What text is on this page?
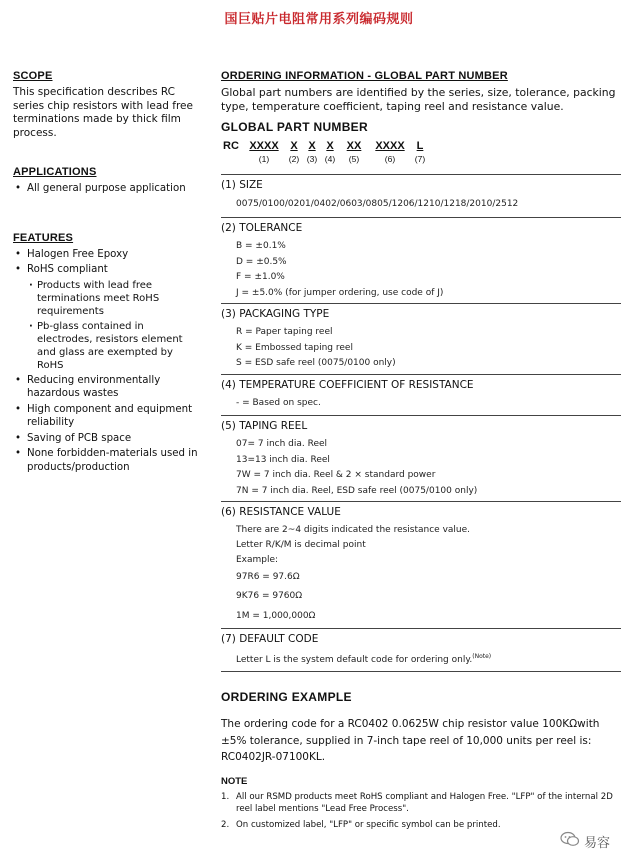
国巨贴片电阻常用系列编码规则
SCOPE

This specification describes RC series chip resistors with lead free terminations made by thick film process.

APPLICATIONS
• All general purpose application
FEATURES
• Halogen Free Epoxy
• RoHS compliant
· Products with lead free terminations meet RoHS requirements
· Pb-glass contained in electrodes, resistors element and glass are exempted by RoHS
• Reducing environmentally hazardous wastes
• High component and equipment reliability
• Saving of PCB space
• None forbidden-materials used in products/production
ORDERING INFORMATION - GLOBAL PART NUMBER

Global part numbers are identified by the series, size, tolerance, packing type, temperature coefficient, taping reel and resistance value.

GLOBAL PART NUMBER
RC XXXX
(1)
X
(2)
X
(3)
X
(4)
XX
(5)
XXXX
(6)
L
(7)
(1) SIZE
0075/0100/0201/0402/0603/0805/1206/1210/1218/2010/2512
(2) TOLERANCE
B = ±0.1%
D = ±0.5%
F = ±1.0%
J = ±5.0% (for jumper ordering, use code of J)
(3) PACKAGING TYPE
R = Paper taping reel
K = Embossed taping reel
S = ESD safe reel (0075/0100 only)
(4) TEMPERATURE COEFFICIENT OF RESISTANCE
- = Based on spec.
(5) TAPING REEL
07= 7 inch dia. Reel
13=13 inch dia. Reel
7W = 7 inch dia. Reel & 2 × standard power
7N = 7 inch dia. Reel, ESD safe reel (0075/0100 only)
(6) RESISTANCE VALUE
There are 2~4 digits indicated the resistance value.
Letter R/K/M is decimal point
Example:
97R6 = 97.6Ω
9K76 = 9760Ω
1M = 1,000,000Ω
(7) DEFAULT CODE
Letter L is the system default code for ordering only.$^{(Note)}$
ORDERING EXAMPLE

The ordering code for a RC0402 0.0625W chip resistor value 100KΩwith

±5% tolerance, supplied in 7-inch tape reel of 10,000 units per reel is:

RC0402JR-07100KL.

NOTE
1. All our RSMD products meet RoHS compliant and Halogen Free. "LFP" of the internal 2D reel label mentions "Lead Free Process".
2. On customized label, "LFP" or specific symbol can be printed.
易容
